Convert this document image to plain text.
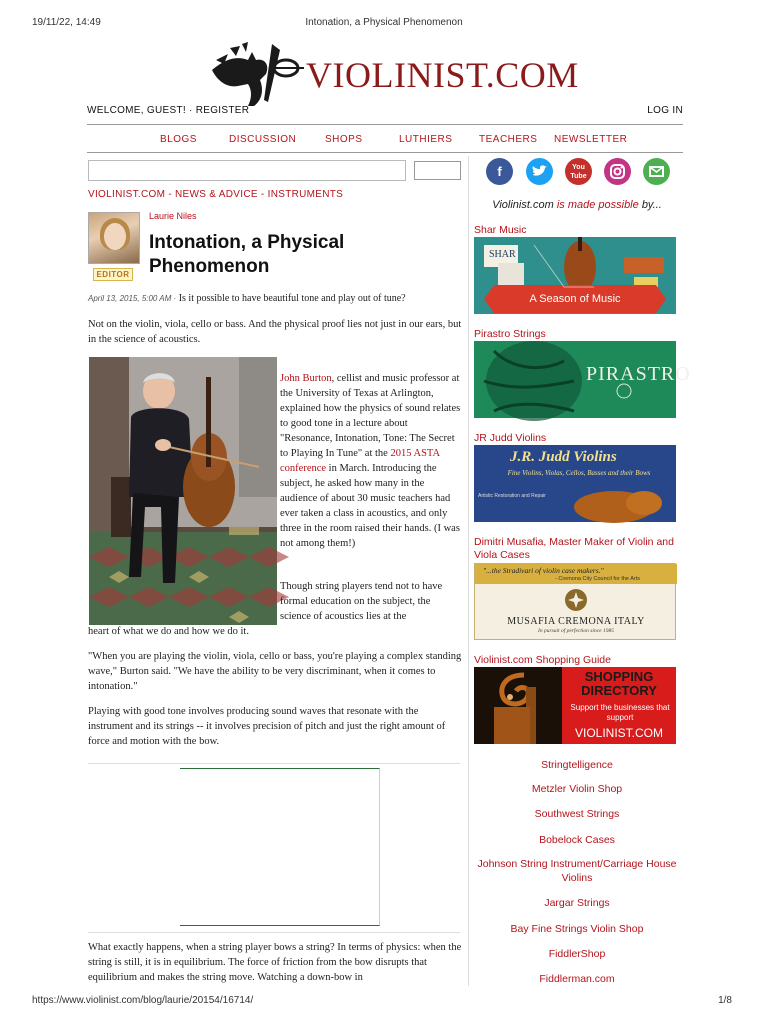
19/11/22, 14:49	Intonation, a Physical Phenomenon
VIOLINIST.COM
WELCOME, GUEST! · REGISTER	LOG IN
BLOGS	DISCUSSION	SHOPS	LUTHIERS	TEACHERS NEWSLETTER
VIOLINIST.COM - NEWS & ADVICE - INSTRUMENTS
EDITOR
Laurie Niles
Intonation, a Physical Phenomenon
April 13, 2015, 5:00 AM · Is it possible to have beautiful tone and play out of tune?
Not on the violin, viola, cello or bass. And the physical proof lies not just in our ears, but in the science of acoustics.
John Burton, cellist and music professor at the University of Texas at Arlington, explained how the physics of sound relates to good tone in a lecture about "Resonance, Intonation, Tone: The Secret to Playing In Tune" at the 2015 ASTA conference in March. Introducing the subject, he asked how many in the audience of about 30 music teachers had ever taken a class in acoustics, and only three in the room raised their hands. (I was not among them!)
Though string players tend not to have formal education on the subject, the science of acoustics lies at the
heart of what we do and how we do it.
"When you are playing the violin, viola, cello or bass, you're playing a complex standing wave," Burton said. "We have the ability to be very discriminant, when it comes to intonation."
Playing with good tone involves producing sound waves that resonate with the instrument and its strings -- it involves precision of pitch and just the right amount of force and motion with the bow.
What exactly happens, when a string player bows a string? In terms of physics: when the string is still, it is in equilibrium. The force of friction from the bow disrupts that equilibrium and makes the string move. Watching a down-bow in
f	You Tube
Violinist.com is made possible by...
Shar Music
SHAR
A Season of Music
Pirastro Strings
PIRASTRO
JR Judd Violins
J.R. Judd Violins
Fine Violins, Violas, Cellos, Basses and their Bows
Artistic Restoration and Repair
Dimitri Musafia, Master Maker of Violin and Viola Cases
"...the Stradivari of violin case makers."
- Cremona City Council for the Arts
MUSAFIA CREMONA ITALY
In pursuit of perfection since 1985
Violinist.com Shopping Guide
SHOPPING DIRECTORY
Support the businesses that support
VIOLINIST.COM
Stringtelligence
Metzler Violin Shop
Southwest Strings
Bobelock Cases
Johnson String Instrument/Carriage House Violins
Jargar Strings
Bay Fine Strings Violin Shop
FiddlerShop
Fiddlerman.com
https://www.violinist.com/blog/laurie/20154/16714/	1/8
